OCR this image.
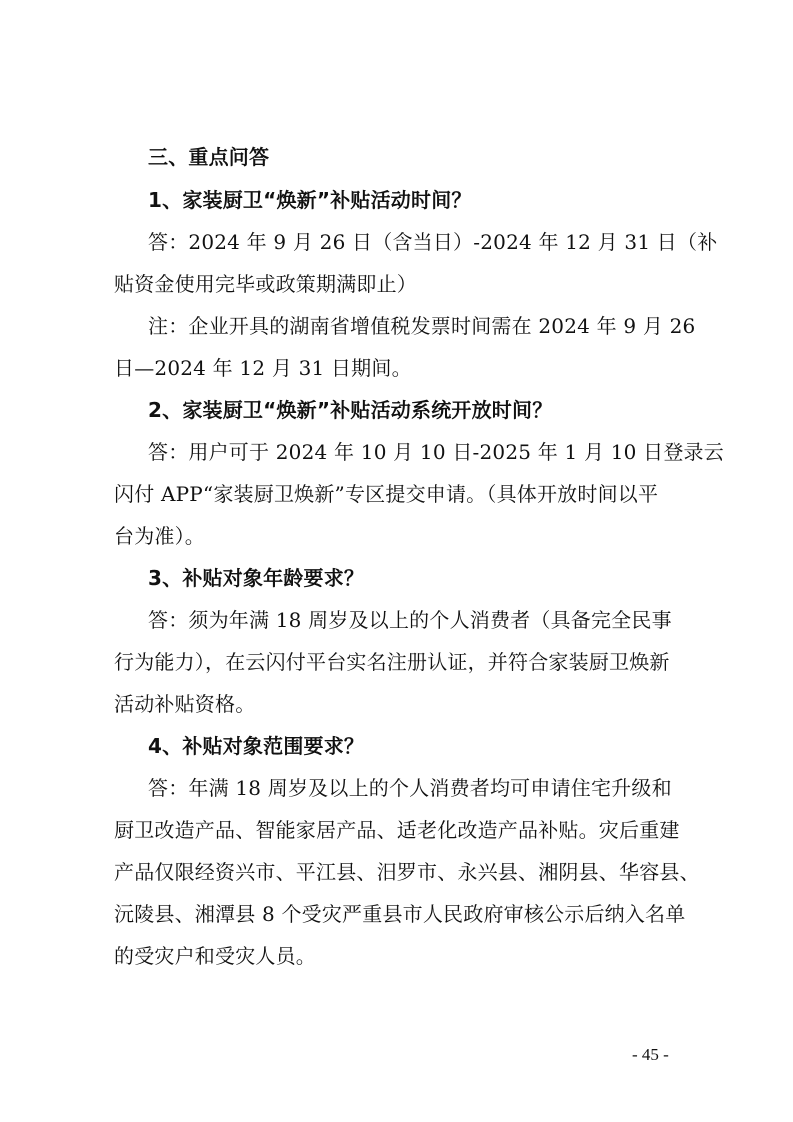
三、重点问答
1、家装厨卫“焕新”补贴活动时间？
答：2024 年 9 月 26 日（含当日）-2024 年 12 月 31 日（补
贴资金使用完毕或政策期满即止）
注：企业开具的湖南省增值税发票时间需在 2024 年 9 月 26
日—2024 年 12 月 31 日期间。
2、家装厨卫“焕新”补贴活动系统开放时间？
答：用户可于 2024 年 10 月 10 日-2025 年 1 月 10 日登录云
闪付 APP“家装厨卫焕新”专区提交申请。（具体开放时间以平
台为准）。
3、补贴对象年龄要求？
答：须为年满 18 周岁及以上的个人消费者（具备完全民事
行为能力），在云闪付平台实名注册认证，并符合家装厨卫焕新
活动补贴资格。
4、补贴对象范围要求？
答：年满 18 周岁及以上的个人消费者均可申请住宅升级和
厨卫改造产品、智能家居产品、适老化改造产品补贴。灾后重建
产品仅限经资兴市、平江县、汨罗市、永兴县、湘阴县、华容县、
沅陵县、湘潭县 8 个受灾严重县市人民政府审核公示后纳入名单
的受灾户和受灾人员。
- 45 -
